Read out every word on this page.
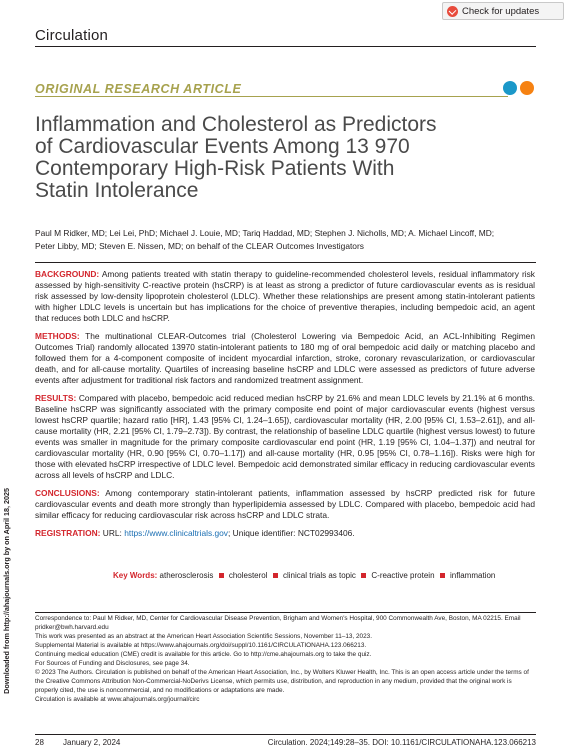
Check for updates
Circulation
ORIGINAL RESEARCH ARTICLE
Inflammation and Cholesterol as Predictors
of Cardiovascular Events Among 13 970
Contemporary High-Risk Patients With
Statin Intolerance
Paul M Ridker, MD; Lei Lei, PhD; Michael J. Louie, MD; Tariq Haddad, MD; Stephen J. Nicholls, MD; A. Michael Lincoff, MD;
Peter Libby, MD; Steven E. Nissen, MD; on behalf of the CLEAR Outcomes Investigators

BACKGROUND: Among patients treated with statin therapy to guideline-recommended cholesterol levels, residual inflammatory risk assessed by high-sensitivity C-reactive protein (hsCRP) is at least as strong a predictor of future cardiovascular events as is residual risk assessed by low-density lipoprotein cholesterol (LDLC). Whether these relationships are present among statin-intolerant patients with higher LDLC levels is uncertain but has implications for the choice of preventive therapies, including bempedoic acid, an agent that reduces both LDLC and hsCRP.

METHODS: The multinational CLEAR-Outcomes trial (Cholesterol Lowering via Bempedoic Acid, an ACL-Inhibiting Regimen Outcomes Trial) randomly allocated 13970 statin-intolerant patients to 180 mg of oral bempedoic acid daily or matching placebo and followed them for a 4-component composite of incident myocardial infarction, stroke, coronary revascularization, or cardiovascular death, and for all-cause mortality. Quartiles of increasing baseline hsCRP and LDLC were assessed as predictors of future adverse events after adjustment for traditional risk factors and randomized treatment assignment.

RESULTS: Compared with placebo, bempedoic acid reduced median hsCRP by 21.6% and mean LDLC levels by 21.1% at 6 months. Baseline hsCRP was significantly associated with the primary composite end point of major cardiovascular events (highest versus lowest hsCRP quartile; hazard ratio [HR], 1.43 [95% CI, 1.24–1.65]), cardiovascular mortality (HR, 2.00 [95% CI, 1.53–2.61]), and all-cause mortality (HR, 2.21 [95% CI, 1.79–2.73]). By contrast, the relationship of baseline LDLC quartile (highest versus lowest) to future events was smaller in magnitude for the primary composite cardiovascular end point (HR, 1.19 [95% CI, 1.04–1.37]) and neutral for cardiovascular mortality (HR, 0.90 [95% CI, 0.70–1.17]) and all-cause mortality (HR, 0.95 [95% CI, 0.78–1.16]). Risks were high for those with elevated hsCRP irrespective of LDLC level. Bempedoic acid demonstrated similar efficacy in reducing cardiovascular events across all levels of hsCRP and LDLC.

CONCLUSIONS: Among contemporary statin-intolerant patients, inflammation assessed by hsCRP predicted risk for future cardiovascular events and death more strongly than hyperlipidemia assessed by LDLC. Compared with placebo, bempedoic acid had similar efficacy for reducing cardiovascular risk across hsCRP and LDLC strata.

REGISTRATION: URL: https://www.clinicaltrials.gov; Unique identifier: NCT02993406.

Downloaded from http://ahajournals.org by on April 18, 2025	Key Words: atherosclerosis cholesterol clinical trials as topic C-reactive protein inflammation
Correspondence to: Paul M Ridker, MD, Center for Cardiovascular Disease Prevention, Brigham and Women's Hospital, 900 Commonwealth Ave, Boston, MA 02215. Email pridker@bwh.harvard.edu
This work was presented as an abstract at the American Heart Association Scientific Sessions, November 11–13, 2023.
Supplemental Material is available at https://www.ahajournals.org/doi/suppl/10.1161/CIRCULATIONAHA.123.066213.
Continuing medical education (CME) credit is available for this article. Go to http://cme.ahajournals.org to take the quiz.
For Sources of Funding and Disclosures, see page 34.
© 2023 The Authors. Circulation is published on behalf of the American Heart Association, Inc., by Wolters Kluwer Health, Inc. This is an open access article under the terms of the Creative Commons Attribution Non-Commercial-NoDerivs License, which permits use, distribution, and reproduction in any medium, provided that the original work is properly cited, the use is noncommercial, and no modifications or adaptations are made.
Circulation is available at www.ahajournals.org/journal/circ
28	January 2, 2024	Circulation. 2024;149:28–35. DOI: 10.1161/CIRCULATIONAHA.123.066213
